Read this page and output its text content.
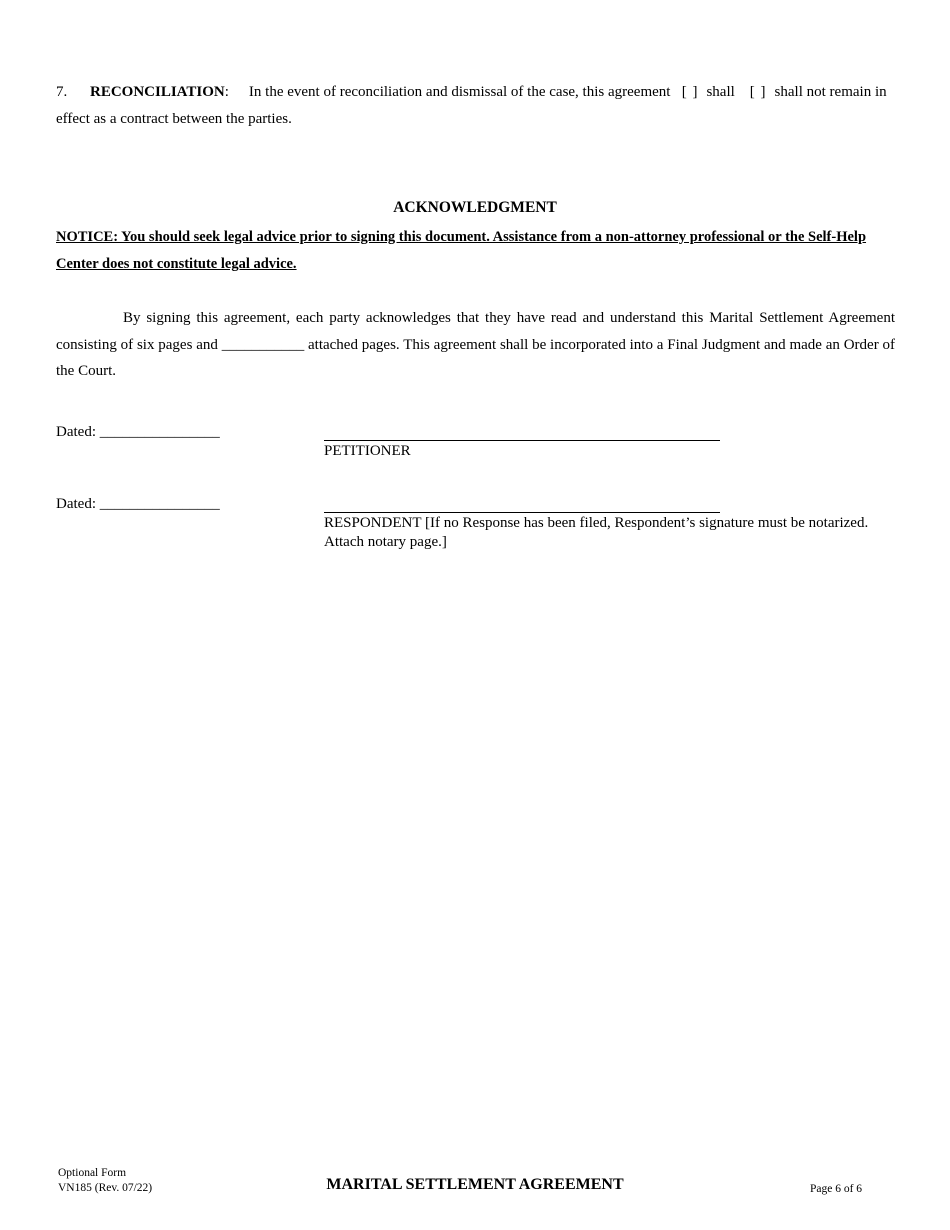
7. RECONCILIATION: In the event of reconciliation and dismissal of the case, this agreement [ ] shall [ ] shall not remain in effect as a contract between the parties.
ACKNOWLEDGMENT
NOTICE: You should seek legal advice prior to signing this document. Assistance from a non-attorney professional or the Self-Help Center does not constitute legal advice.
By signing this agreement, each party acknowledges that they have read and understand this Marital Settlement Agreement consisting of six pages and ___________ attached pages. This agreement shall be incorporated into a Final Judgment and made an Order of the Court.
Dated: ________________
PETITIONER
Dated: ________________
RESPONDENT [If no Response has been filed, Respondent’s signature must be notarized. Attach notary page.]
Optional Form
VN185 (Rev. 07/22)	MARITAL SETTLEMENT AGREEMENT	Page 6 of 6
